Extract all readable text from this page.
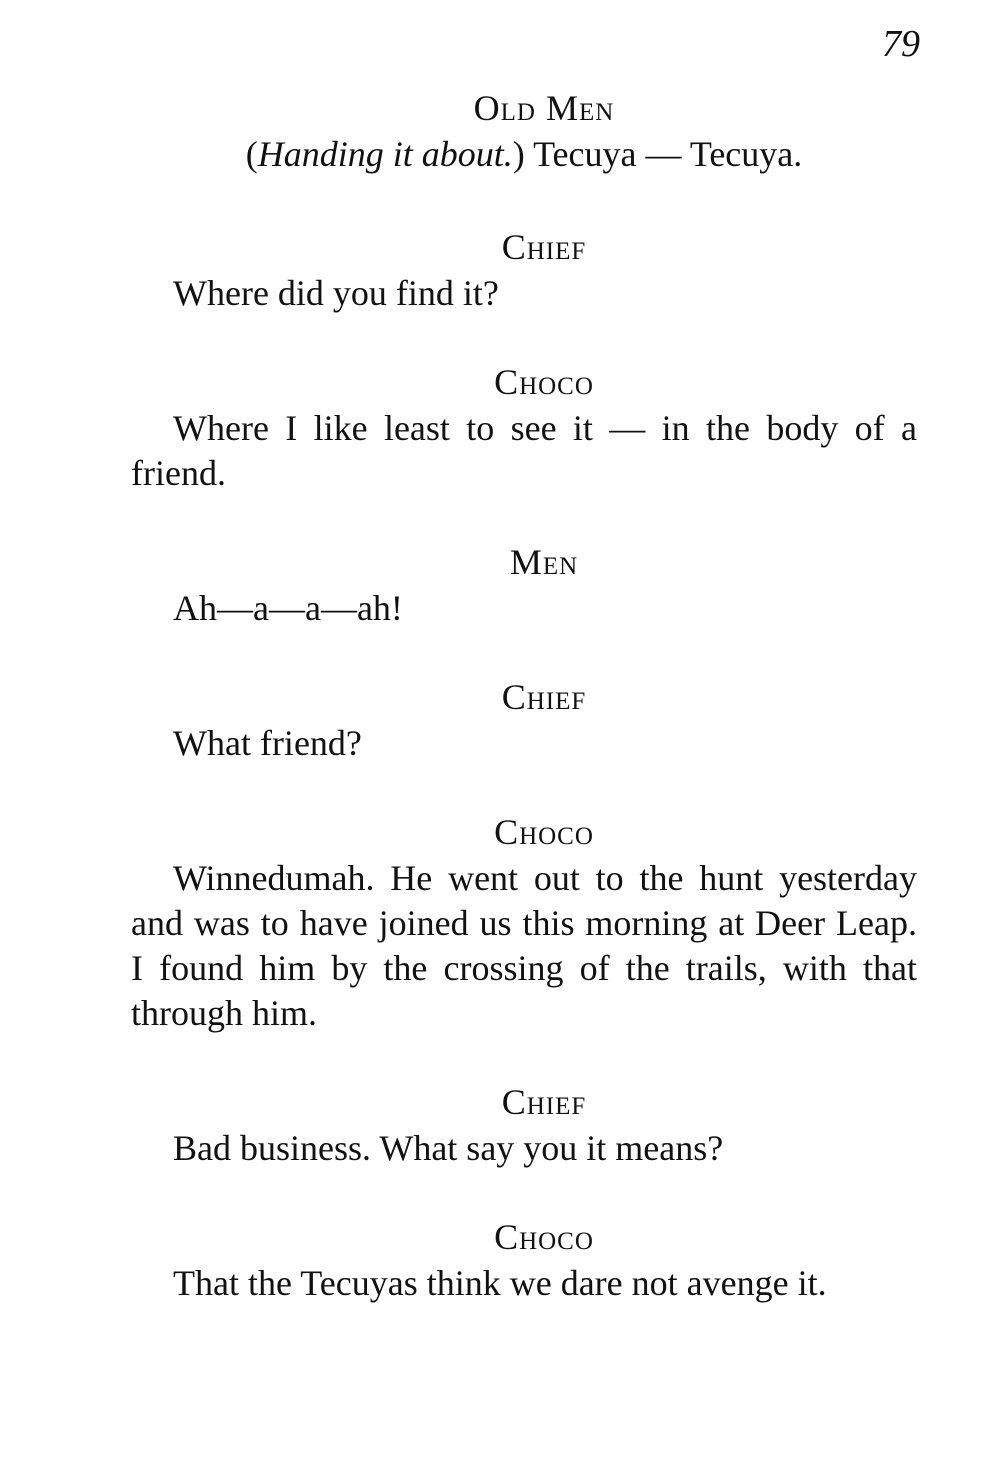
79
Old Men
(Handing it about.) Tecuya — Tecuya.
Chief
Where did you find it?
Choco
Where I like least to see it — in the body of a friend.
Men
Ah—a—a—ah!
Chief
What friend?
Choco
Winnedumah. He went out to the hunt yesterday and was to have joined us this morning at Deer Leap. I found him by the crossing of the trails, with that through him.
Chief
Bad business. What say you it means?
Choco
That the Tecuyas think we dare not avenge it.
